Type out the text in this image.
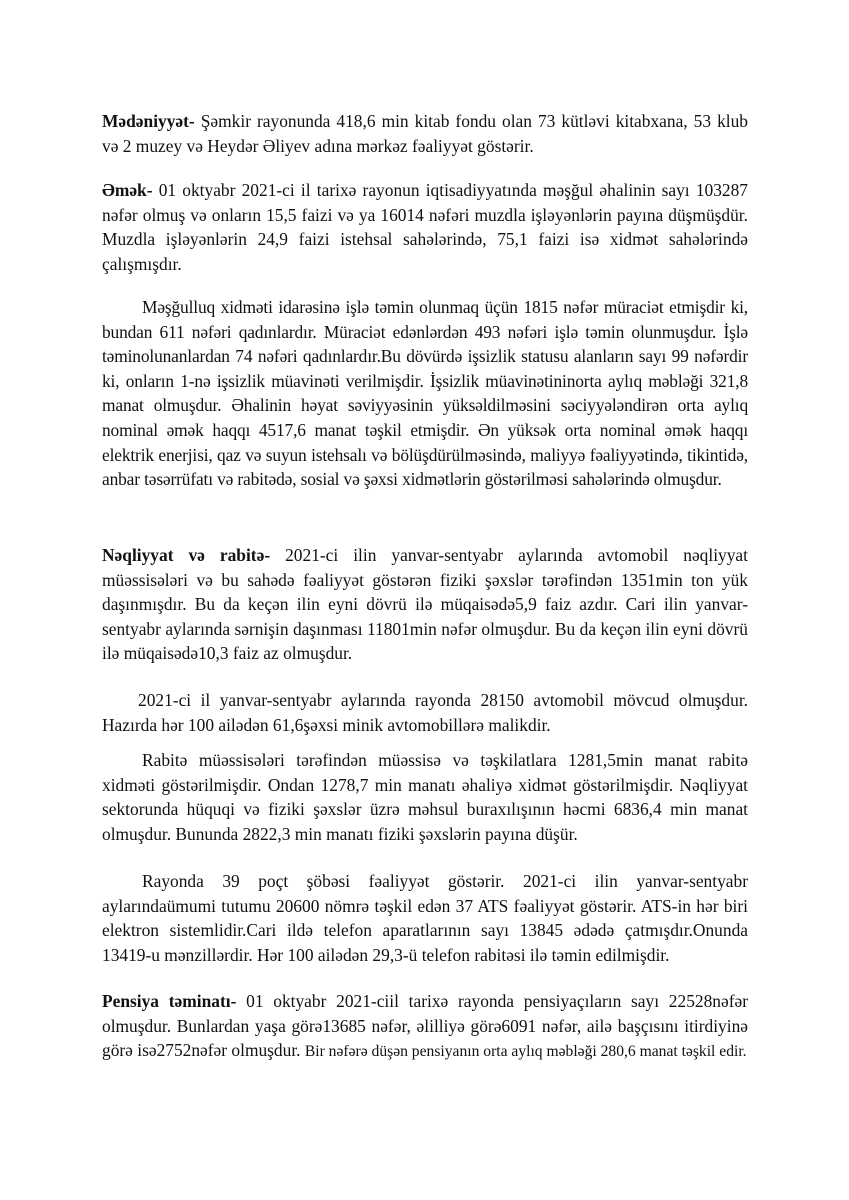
Mədəniyyət- Şəmkir rayonunda 418,6 min kitab fondu olan 73 kütləvi kitabxana, 53 klub və 2 muzey və Heydər Əliyev adına mərkəz fəaliyyət göstərir.

Əmək- 01 oktyabr 2021-ci il tarixə rayonun iqtisadiyyatında məşğul əhalinin sayı 103287 nəfər olmuş və onların 15,5 faizi və ya 16014 nəfəri muzdla işləyənlərin payına düşmüşdür. Muzdla işləyənlərin 24,9 faizi istehsal sahələrində, 75,1 faizi isə xidmət sahələrində çalışmışdır.

Məşğulluq xidməti idarəsinə işlə təmin olunmaq üçün 1815 nəfər müraciət etmişdir ki, bundan 611 nəfəri qadınlardır. Müraciət edənlərdən 493 nəfəri işlə təmin olunmuşdur. İşlə təminolunanlardan 74 nəfəri qadınlardır.Bu dövürdə işsizlik statusu alanların sayı 99 nəfərdir ki, onların 1-nə işsizlik müavinəti verilmişdir. İşsizlik müavinətininorta aylıq məbləği 321,8 manat olmuşdur. Əhalinin həyat səviyyəsinin yüksəldilməsini səciyyələndirən orta aylıq nominal əmək haqqı 4517,6 manat təşkil etmişdir. Ən yüksək orta nominal əmək haqqı elektrik enerjisi, qaz və suyun istehsalı və bölüşdürülməsində, maliyyə fəaliyyətində, tikintidə, anbar təsərrüfatı və rabitədə, sosial və şəxsi xidmətlərin göstərilməsi sahələrində olmuşdur.

Nəqliyyat və rabitə- 2021-ci ilin yanvar-sentyabr aylarında avtomobil nəqliyyat müəssisələri və bu sahədə fəaliyyət göstərən fiziki şəxslər tərəfindən 1351min ton yük daşınmışdır. Bu da keçən ilin eyni dövrü ilə müqaisədə5,9 faiz azdır. Cari ilin yanvar-sentyabr aylarında sərnişin daşınması 11801min nəfər olmuşdur. Bu da keçən ilin eyni dövrü ilə müqaisədə10,3 faiz az olmuşdur.

2021-ci il yanvar-sentyabr aylarında rayonda 28150 avtomobil mövcud olmuşdur. Hazırda hər 100 ailədən 61,6şəxsi minik avtomobillərə malikdir.

Rabitə müəssisələri tərəfindən müəssisə və təşkilatlara 1281,5min manat rabitə xidməti göstərilmişdir. Ondan 1278,7 min manatı əhaliyə xidmət göstərilmişdir. Nəqliyyat sektorunda hüquqi və fiziki şəxslər üzrə məhsul buraxılışının həcmi 6836,4 min manat olmuşdur. Bununda 2822,3 min manatı fiziki şəxslərin payına düşür.

Rayonda 39 poçt şöbəsi fəaliyyət göstərir. 2021-ci ilin yanvar-sentyabr aylarındaümumi tutumu 20600 nömrə təşkil edən 37 ATS fəaliyyət göstərir. ATS-in hər biri elektron sistemlidir.Cari ildə telefon aparatlarının sayı 13845 ədədə çatmışdır.Onunda 13419-u mənzillərdir. Hər 100 ailədən 29,3-ü telefon rabitəsi ilə təmin edilmişdir.

Pensiya təminatı- 01 oktyabr 2021-ciil tarixə rayonda pensiyaçıların sayı 22528nəfər olmuşdur. Bunlardan yaşa görə13685 nəfər, əlilliyə görə6091 nəfər, ailə başçısını itirdiyinə görə isə2752nəfər olmuşdur. Bir nəfərə düşən pensiyanın orta aylıq məbləği 280,6 manat təşkil edir.
